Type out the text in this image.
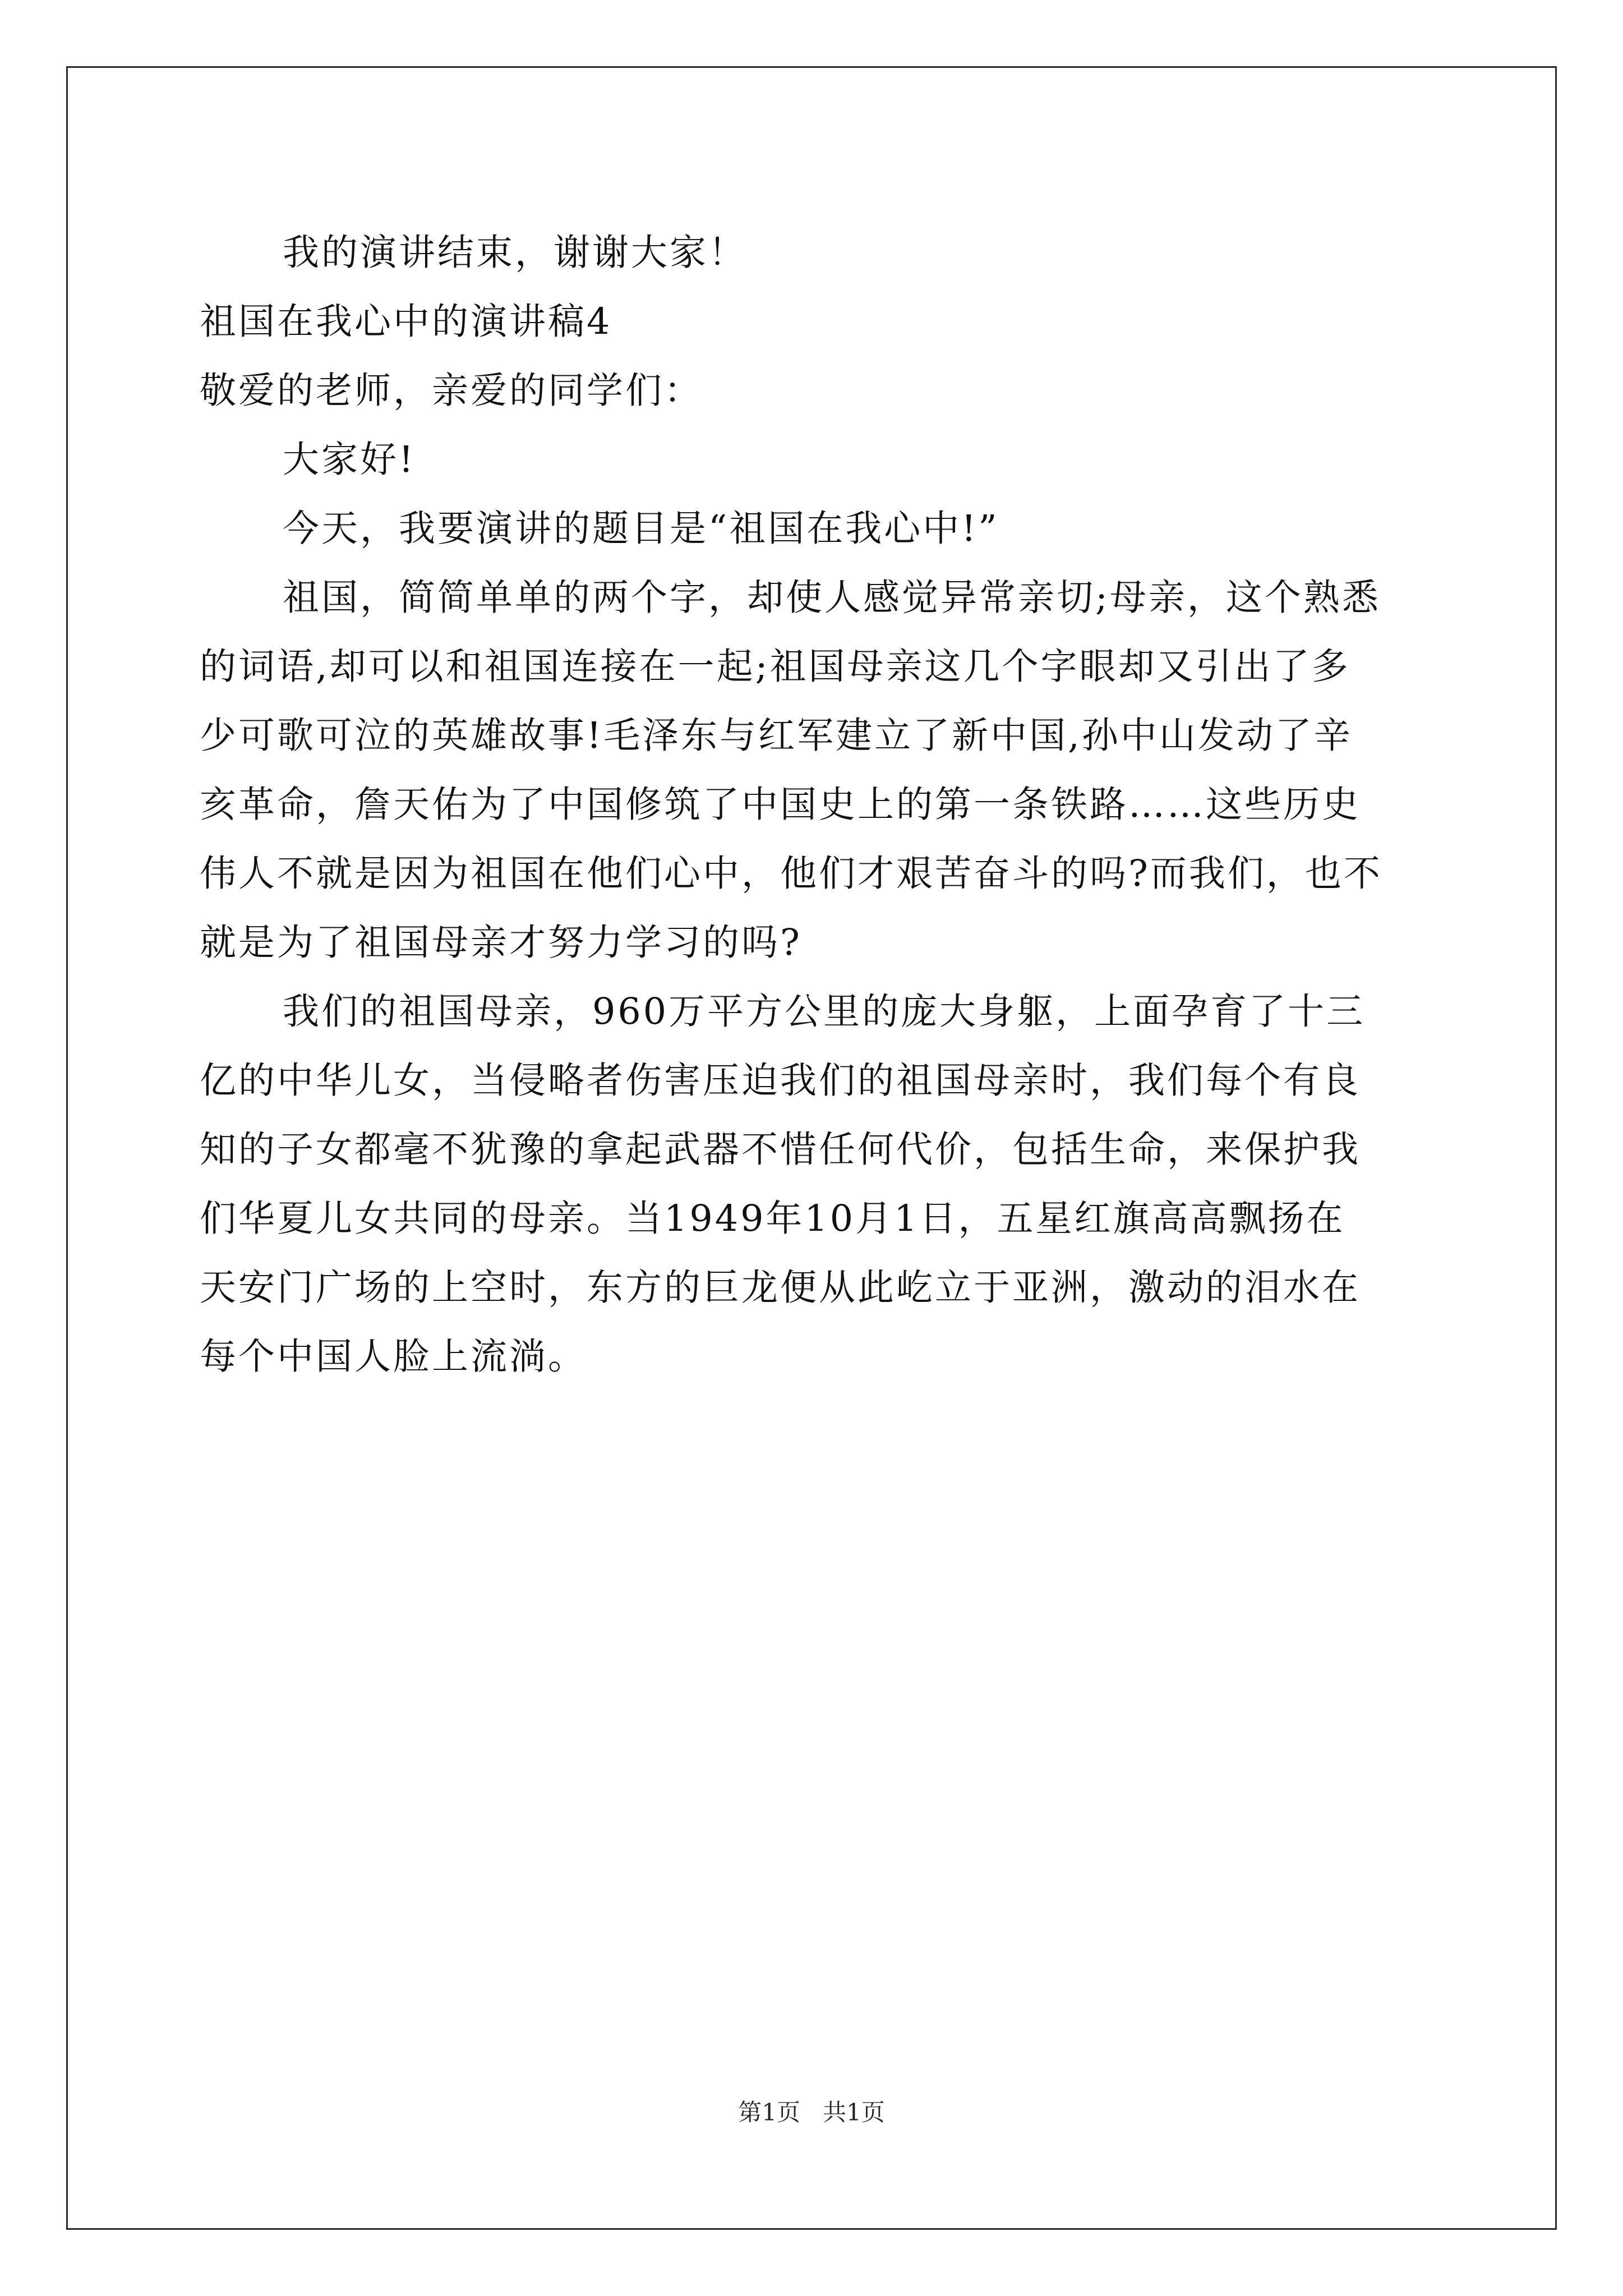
我的演讲结束，谢谢大家！
祖国在我心中的演讲稿4
敬爱的老师，亲爱的同学们：
大家好!
今天，我要演讲的题目是“祖国在我心中!”
祖国，简简单单的两个字，却使人感觉异常亲切;母亲，这个熟悉
的词语,却可以和祖国连接在一起;祖国母亲这几个字眼却又引出了多
少可歌可泣的英雄故事!毛泽东与红军建立了新中国,孙中山发动了辛
亥革命，詹天佑为了中国修筑了中国史上的第一条铁路……这些历史
伟人不就是因为祖国在他们心中，他们才艰苦奋斗的吗?而我们，也不
就是为了祖国母亲才努力学习的吗?
我们的祖国母亲，960万平方公里的庞大身躯，上面孕育了十三
亿的中华儿女，当侵略者伤害压迫我们的祖国母亲时，我们每个有良
知的子女都毫不犹豫的拿起武器不惜任何代价，包括生命，来保护我
们华夏儿女共同的母亲。当1949年10月1日，五星红旗高高飘扬在
天安门广场的上空时，东方的巨龙便从此屹立于亚洲，激动的泪水在
每个中国人脸上流淌。
第1页   共1页
